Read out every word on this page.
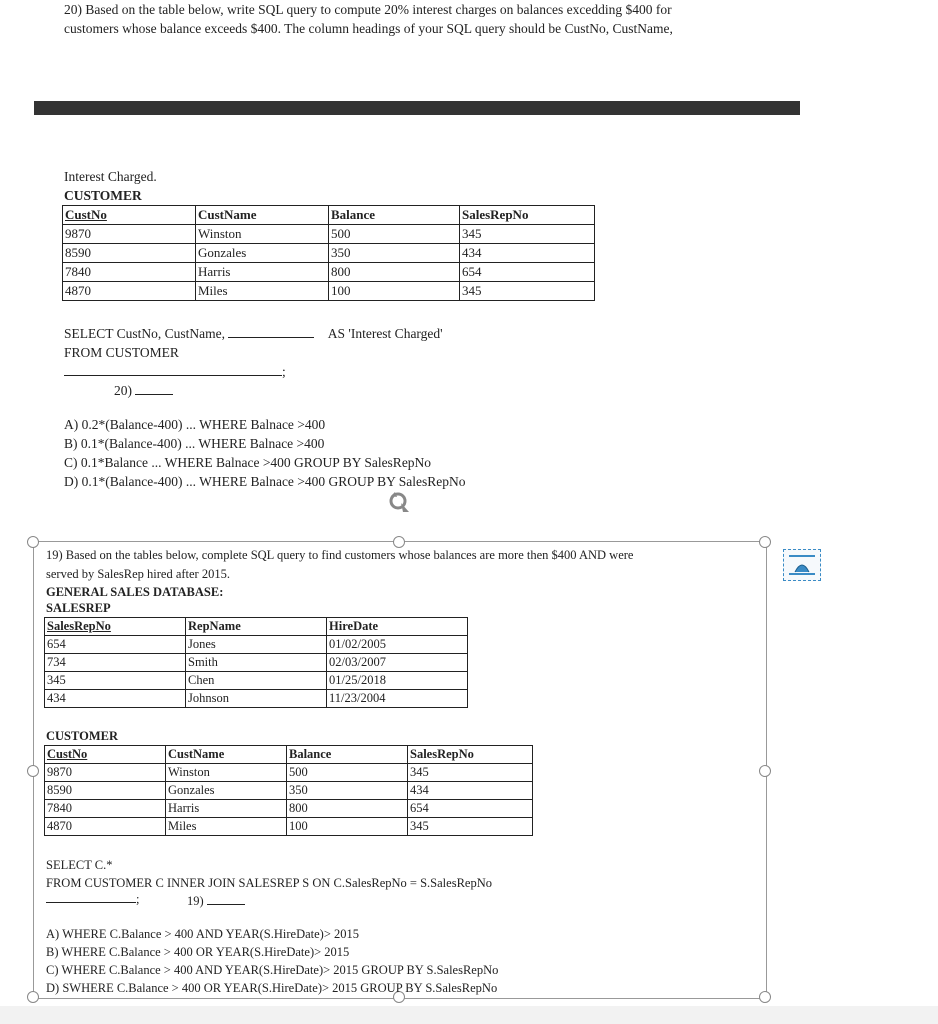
20) Based on the table below, write SQL query to compute 20% interest charges on balances excedding $400 for
customers whose balance exceeds $400. The column headings of your SQL query should be CustNo, CustName,
Interest Charged.
CUSTOMER
CustNo	CustName	Balance	SalesRepNo
9870	Winston	500	345
8590	Gonzales	350	434
7840	Harris	800	654
4870	Miles	100	345
SELECT CustNo, CustName,	AS 'Interest Charged'
FROM CUSTOMER
;
20)
A) 0.2*(Balance-400) ... WHERE Balnace >400
B) 0.1*(Balance-400) ... WHERE Balnace >400
C) 0.1*Balance ... WHERE Balnace >400 GROUP BY SalesRepNo
D) 0.1*(Balance-400) ... WHERE Balnace >400 GROUP BY SalesRepNo
19) Based on the tables below, complete SQL query to find customers whose balances are more then $400 AND were
served by SalesRep hired after 2015.
GENERAL SALES DATABASE:
SALESREP
SalesRepNo	RepName	HireDate
654	Jones	01/02/2005
734	Smith	02/03/2007
345	Chen	01/25/2018
434	Johnson	11/23/2004
CUSTOMER
CustNo	CustName	Balance	SalesRepNo
9870	Winston	500	345
8590	Gonzales	350	434
7840	Harris	800	654
4870	Miles	100	345
SELECT C.*
FROM CUSTOMER C INNER JOIN SALESREP S ON C.SalesRepNo = S.SalesRepNo
;	19)
A) WHERE C.Balance > 400 AND YEAR(S.HireDate)> 2015
B) WHERE C.Balance > 400 OR YEAR(S.HireDate)> 2015
C) WHERE C.Balance > 400 AND YEAR(S.HireDate)> 2015 GROUP BY S.SalesRepNo
D) SWHERE C.Balance > 400 OR YEAR(S.HireDate)> 2015 GROUP BY S.SalesRepNo
